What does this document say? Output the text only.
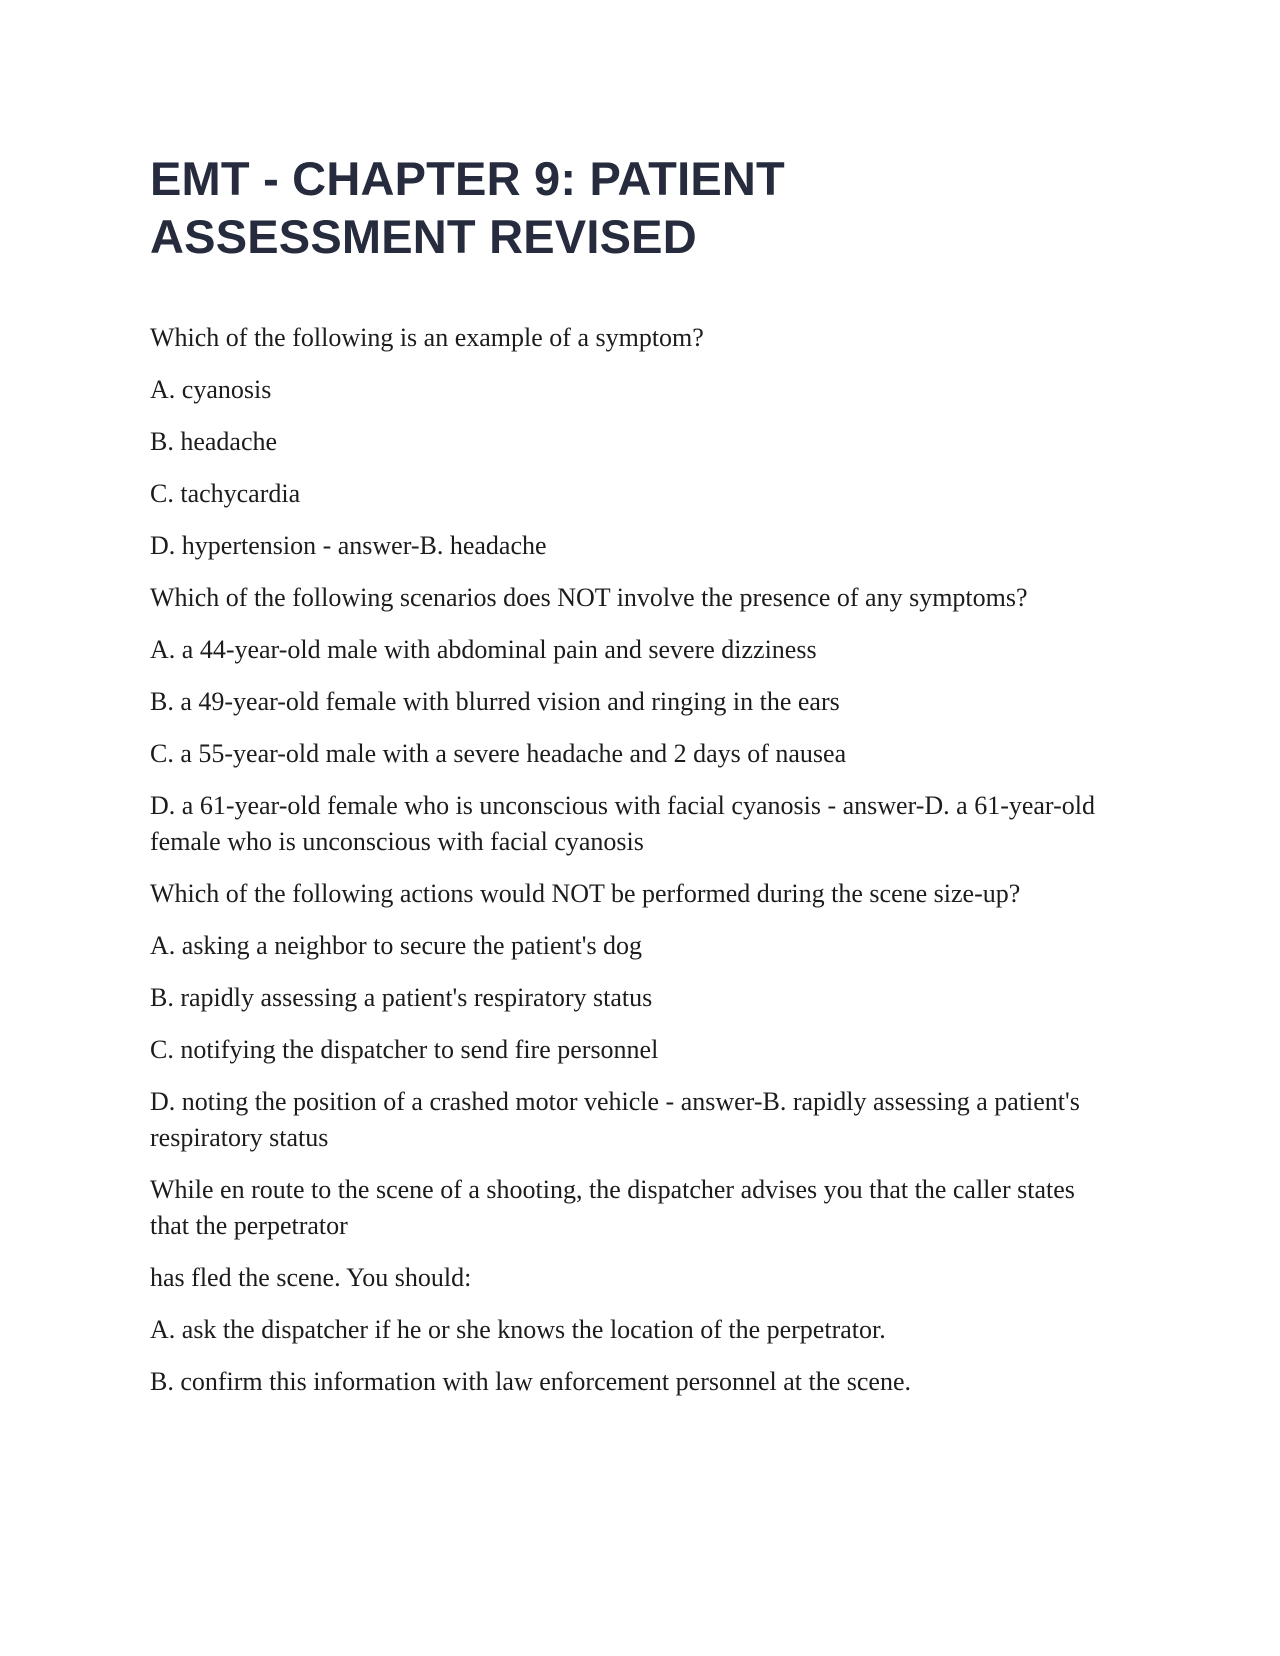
EMT - CHAPTER 9: PATIENT ASSESSMENT REVISED

Which of the following is an example of a symptom?

A. cyanosis

B. headache

C. tachycardia

D. hypertension - answer-B. headache

Which of the following scenarios does NOT involve the presence of any symptoms?

A. a 44-year-old male with abdominal pain and severe dizziness

B. a 49-year-old female with blurred vision and ringing in the ears

C. a 55-year-old male with a severe headache and 2 days of nausea

D. a 61-year-old female who is unconscious with facial cyanosis - answer-D. a 61-year-old female who is unconscious with facial cyanosis

Which of the following actions would NOT be performed during the scene size-up?

A. asking a neighbor to secure the patient's dog

B. rapidly assessing a patient's respiratory status

C. notifying the dispatcher to send fire personnel

D. noting the position of a crashed motor vehicle - answer-B. rapidly assessing a patient's respiratory status

While en route to the scene of a shooting, the dispatcher advises you that the caller states that the perpetrator

has fled the scene. You should:

A. ask the dispatcher if he or she knows the location of the perpetrator.

B. confirm this information with law enforcement personnel at the scene.
